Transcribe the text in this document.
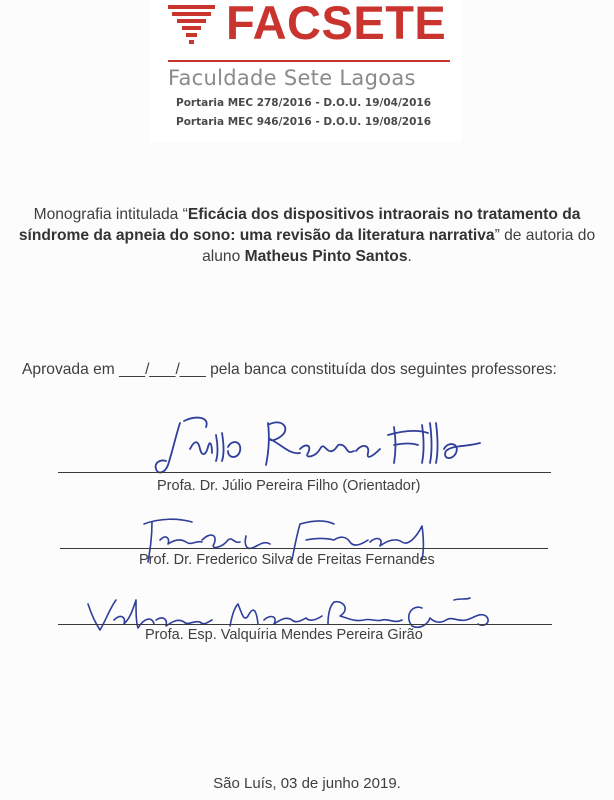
FACSETE
Faculdade Sete Lagoas
Portaria MEC 278/2016 - D.O.U. 19/04/2016
Portaria MEC 946/2016 - D.O.U. 19/08/2016
Monografia intitulada “Eficácia dos dispositivos intraorais no tratamento da síndrome da apneia do sono: uma revisão da literatura narrativa” de autoria do aluno Matheus Pinto Santos.
Aprovada em ___/___/___ pela banca constituída dos seguintes professores:
Profa. Dr. Júlio Pereira Filho (Orientador)
Prof. Dr. Frederico Silva de Freitas Fernandes
Profa. Esp. Valquíria Mendes Pereira Girão
São Luís, 03 de junho 2019.
